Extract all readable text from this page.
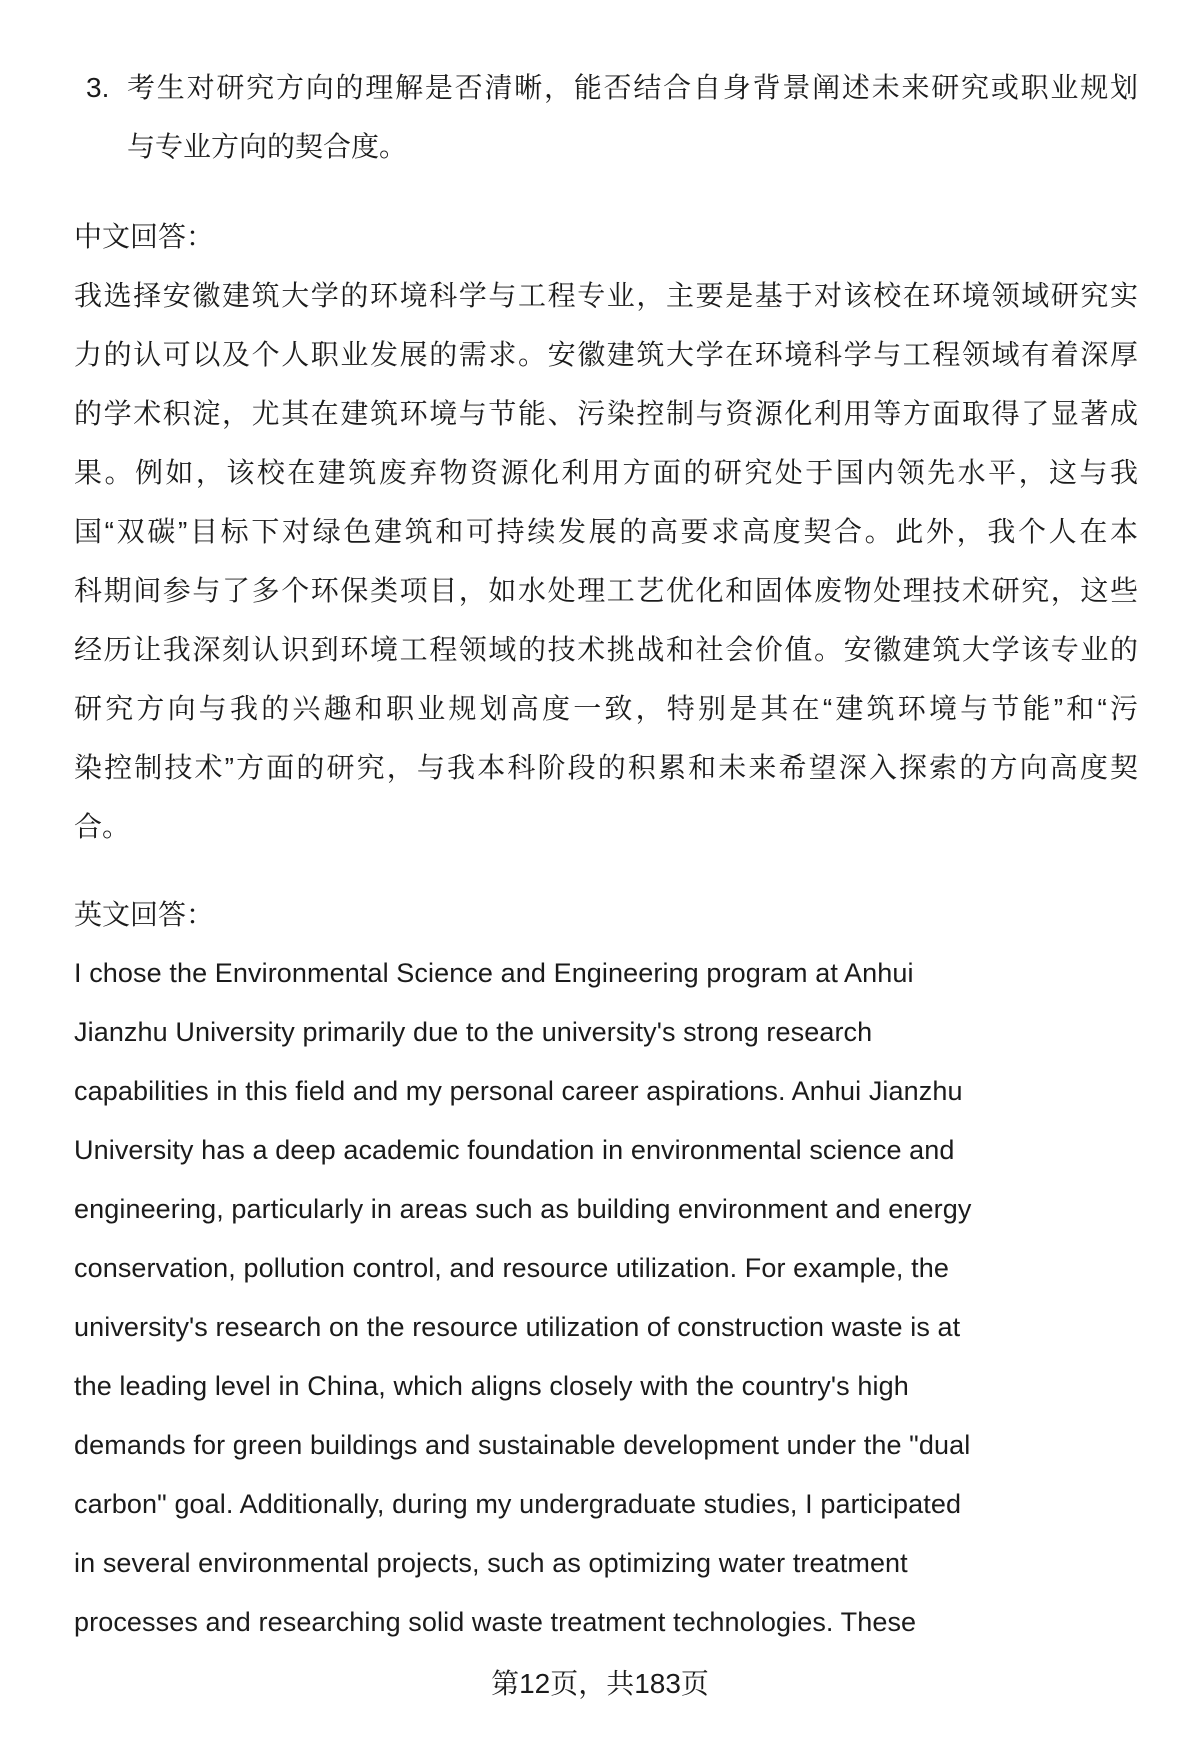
3. 考生对研究方向的理解是否清晰，能否结合自身背景阐述未来研究或职业规划
与专业方向的契合度。
中文回答：
我选择安徽建筑大学的环境科学与工程专业，主要是基于对该校在环境领域研究实
力的认可以及个人职业发展的需求。安徽建筑大学在环境科学与工程领域有着深厚
的学术积淀，尤其在建筑环境与节能、污染控制与资源化利用等方面取得了显著成
果。例如，该校在建筑废弃物资源化利用方面的研究处于国内领先水平，这与我
国“双碳”目标下对绿色建筑和可持续发展的高要求高度契合。此外，我个人在本
科期间参与了多个环保类项目，如水处理工艺优化和固体废物处理技术研究，这些
经历让我深刻认识到环境工程领域的技术挑战和社会价值。安徽建筑大学该专业的
研究方向与我的兴趣和职业规划高度一致，特别是其在“建筑环境与节能”和“污
染控制技术”方面的研究，与我本科阶段的积累和未来希望深入探索的方向高度契
合。
英文回答：
I chose the Environmental Science and Engineering program at Anhui
Jianzhu University primarily due to the university's strong research
capabilities in this field and my personal career aspirations. Anhui Jianzhu
University has a deep academic foundation in environmental science and
engineering, particularly in areas such as building environment and energy
conservation, pollution control, and resource utilization. For example, the
university's research on the resource utilization of construction waste is at
the leading level in China, which aligns closely with the country's high
demands for green buildings and sustainable development under the "dual
carbon" goal. Additionally, during my undergraduate studies, I participated
in several environmental projects, such as optimizing water treatment
processes and researching solid waste treatment technologies. These
第12页，共183页
